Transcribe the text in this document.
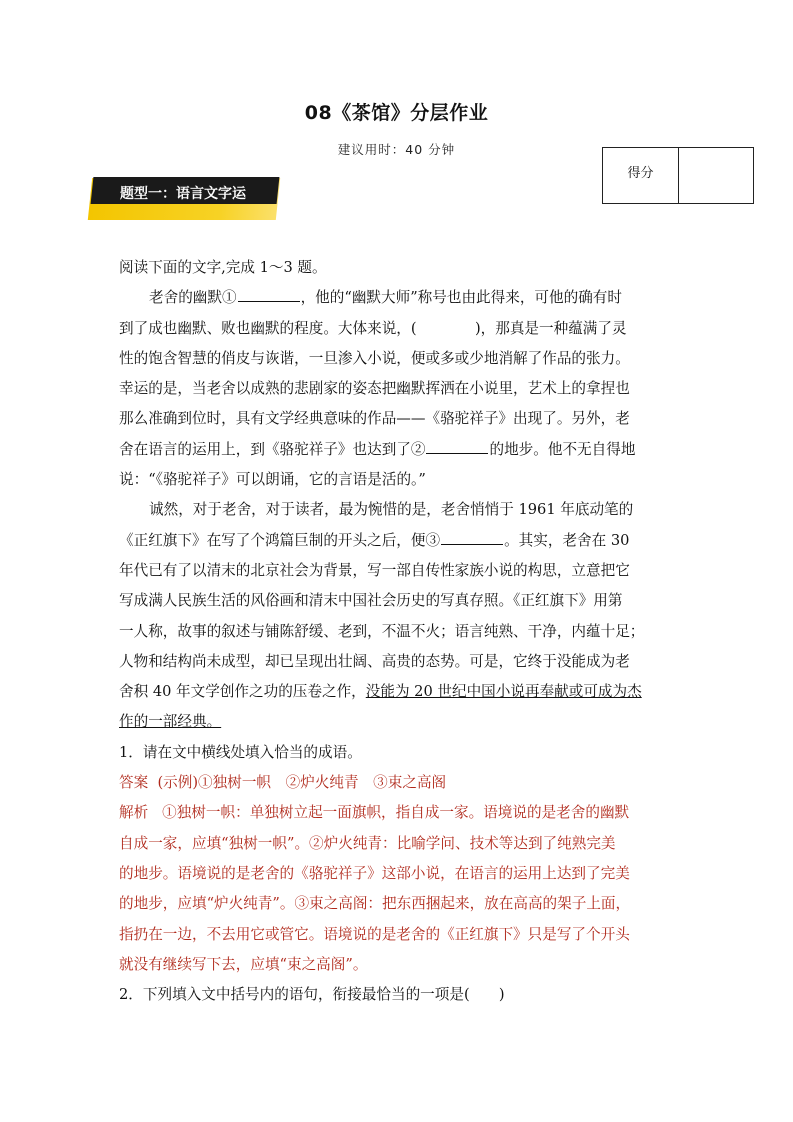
08《茶馆》分层作业
建议用时：40 分钟
得分
题型一：语言文字运
阅读下面的文字,完成 1～3 题。
老舍的幽默①	，他的“幽默大师”称号也由此得来，可他的确有时
到了成也幽默、败也幽默的程度。大体来说，(　　　　)，那真是一种蕴满了灵
性的饱含智慧的俏皮与诙谐，一旦渗入小说，便或多或少地消解了作品的张力。
幸运的是，当老舍以成熟的悲剧家的姿态把幽默挥洒在小说里，艺术上的拿捏也
那么准确到位时，具有文学经典意味的作品——《骆驼祥子》出现了。另外，老
舍在语言的运用上，到《骆驼祥子》也达到了②	的地步。他不无自得地
说：“《骆驼祥子》可以朗诵，它的言语是活的。”
诚然，对于老舍，对于读者，最为惋惜的是，老舍悄悄于 1961 年底动笔的
《正红旗下》在写了个鸿篇巨制的开头之后，便③	。其实，老舍在 30
年代已有了以清末的北京社会为背景，写一部自传性家族小说的构思，立意把它
写成满人民族生活的风俗画和清末中国社会历史的写真存照。《正红旗下》用第
一人称，故事的叙述与铺陈舒缓、老到，不温不火；语言纯熟、干净，内蕴十足；
人物和结构尚未成型，却已呈现出壮阔、高贵的态势。可是，它终于没能成为老
舍积 40 年文学创作之功的压卷之作，没能为 20 世纪中国小说再奉献或可成为杰
作的一部经典。
1．请在文中横线处填入恰当的成语。
答案 (示例)①独树一帜　②炉火纯青　③束之高阁
解析 ①独树一帜：单独树立起一面旗帜，指自成一家。语境说的是老舍的幽默
自成一家，应填“独树一帜”。②炉火纯青：比喻学问、技术等达到了纯熟完美
的地步。语境说的是老舍的《骆驼祥子》这部小说，在语言的运用上达到了完美
的地步，应填“炉火纯青”。③束之高阁：把东西捆起来，放在高高的架子上面，
指扔在一边，不去用它或管它。语境说的是老舍的《正红旗下》只是写了个开头
就没有继续写下去，应填“束之高阁”。
2．下列填入文中括号内的语句，衔接最恰当的一项是(　　)
